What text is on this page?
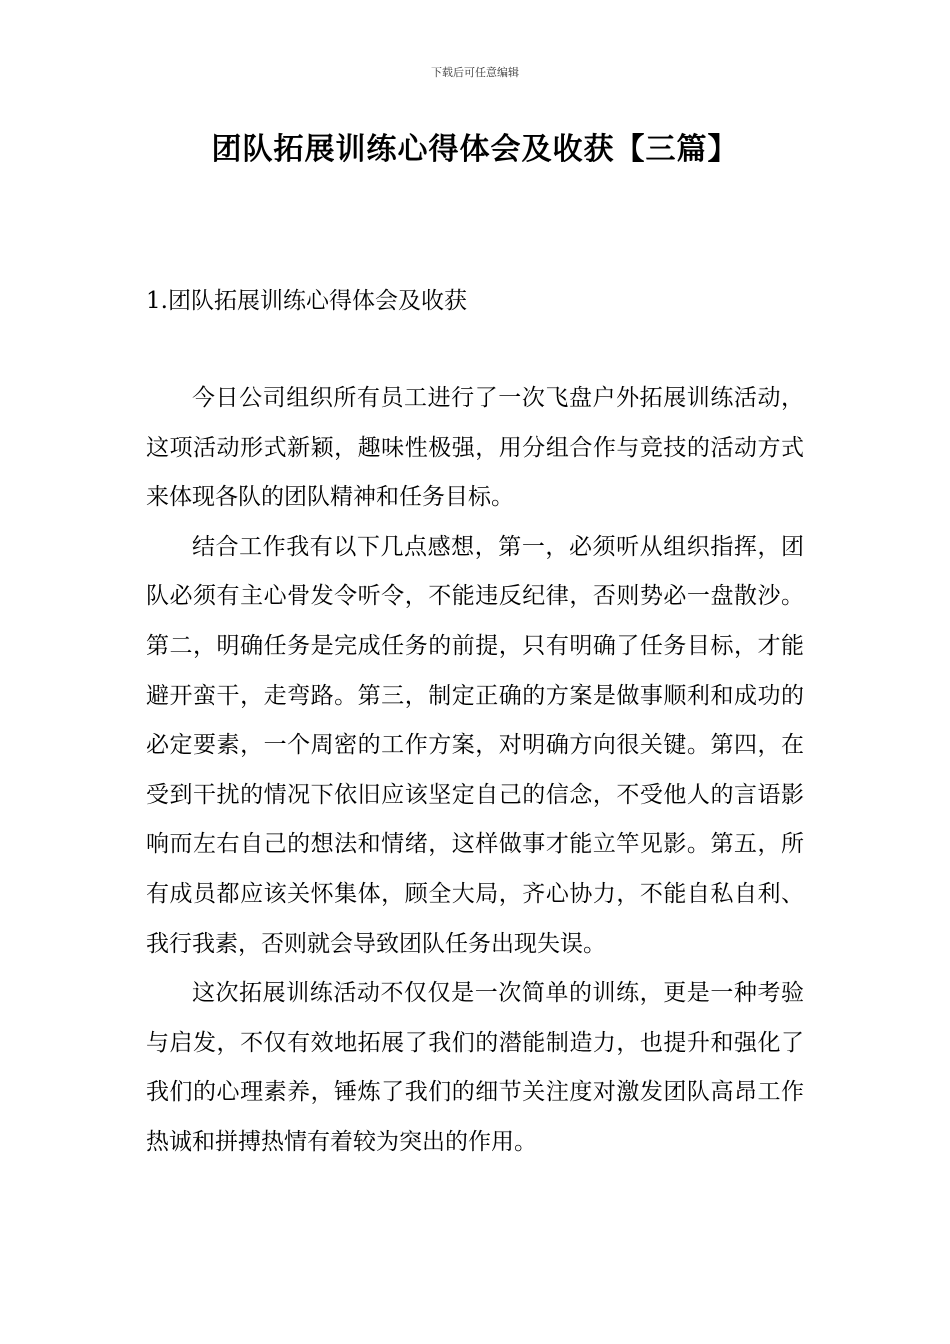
下载后可任意编辑
团队拓展训练心得体会及收获【三篇】
1.团队拓展训练心得体会及收获

今日公司组织所有员工进行了一次飞盘户外拓展训练活动，这项活动形式新颖，趣味性极强，用分组合作与竞技的活动方式来体现各队的团队精神和任务目标。

结合工作我有以下几点感想，第一，必须听从组织指挥，团队必须有主心骨发令听令，不能违反纪律，否则势必一盘散沙。第二，明确任务是完成任务的前提，只有明确了任务目标，才能避开蛮干，走弯路。第三，制定正确的方案是做事顺利和成功的必定要素，一个周密的工作方案，对明确方向很关键。第四，在受到干扰的情况下依旧应该坚定自己的信念，不受他人的言语影响而左右自己的想法和情绪，这样做事才能立竿见影。第五，所有成员都应该关怀集体，顾全大局，齐心协力，不能自私自利、我行我素，否则就会导致团队任务出现失误。

这次拓展训练活动不仅仅是一次简单的训练，更是一种考验与启发，不仅有效地拓展了我们的潜能制造力，也提升和强化了我们的心理素养，锤炼了我们的细节关注度对激发团队高昂工作热诚和拼搏热情有着较为突出的作用。
